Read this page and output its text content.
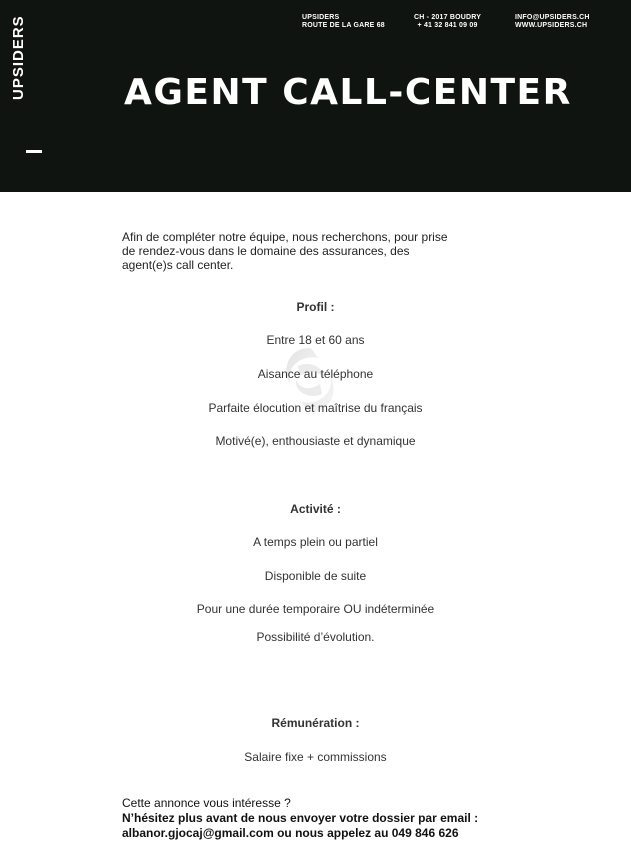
UPSIDERS	UPSIDERS
ROUTE DE LA GARE 68
CH - 2017 BOUDRY
+ 41 32 841 09 09
INFO@UPSIDERS.CH
WWW.UPSIDERS.CH
AGENT CALL-CENTER
Afin de compléter notre équipe, nous recherchons, pour prise
de rendez-vous dans le domaine des assurances, des
agent(e)s call center.
Profil :
Entre 18 et 60 ans
Aisance au téléphone
Parfaite élocution et maîtrise du français
Motivé(e), enthousiaste et dynamique
Activité :
A temps plein ou partiel
Disponible de suite
Pour une durée temporaire OU indéterminée
Possibilité d’évolution.
Rémunération :
Salaire fixe + commissions
Cette annonce vous intéresse ?
N’hésitez plus avant de nous envoyer votre dossier par email :
albanor.gjocaj@gmail.com ou nous appelez au 049 846 626
